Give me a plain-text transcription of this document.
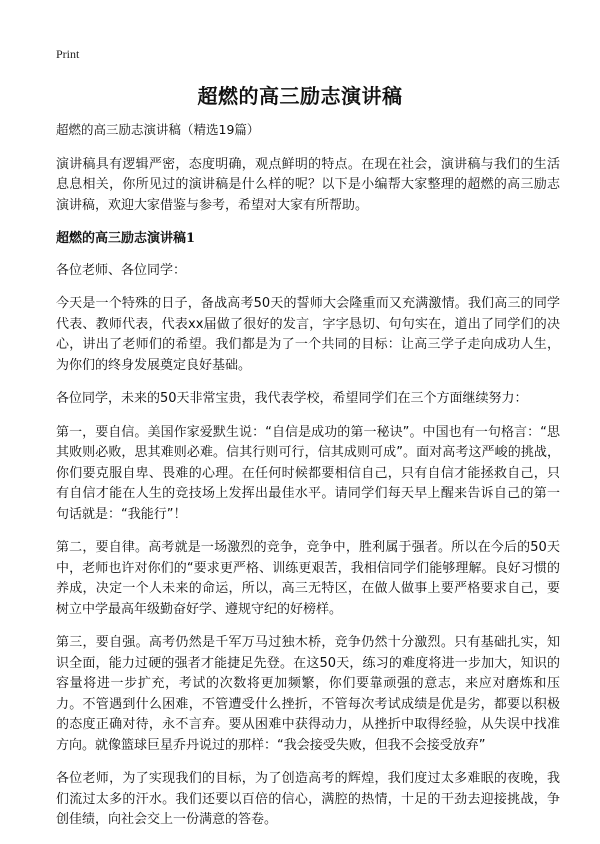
Print
超燃的高三励志演讲稿

超燃的高三励志演讲稿（精选19篇）

演讲稿具有逻辑严密，态度明确，观点鲜明的特点。在现在社会，演讲稿与我们的生活息息相关，你所见过的演讲稿是什么样的呢？以下是小编帮大家整理的超燃的高三励志演讲稿，欢迎大家借鉴与参考，希望对大家有所帮助。

超燃的高三励志演讲稿1

各位老师、各位同学：

今天是一个特殊的日子，备战高考50天的誓师大会隆重而又充满激情。我们高三的同学代表、教师代表，代表xx届做了很好的发言，字字恳切、句句实在，道出了同学们的决心，讲出了老师们的希望。我们都是为了一个共同的目标：让高三学子走向成功人生，为你们的终身发展奠定良好基础。

各位同学，未来的50天非常宝贵，我代表学校，希望同学们在三个方面继续努力：

第一，要自信。美国作家爱默生说：“自信是成功的第一秘诀”。中国也有一句格言：“思其败则必败，思其难则必难。信其行则可行，信其成则可成”。面对高考这严峻的挑战，你们要克服自卑、畏难的心理。在任何时候都要相信自己，只有自信才能拯救自己，只有自信才能在人生的竞技场上发挥出最佳水平。请同学们每天早上醒来告诉自己的第一句话就是：“我能行”！

第二，要自律。高考就是一场激烈的竞争，竞争中，胜利属于强者。所以在今后的50天中，老师也许对你们的“要求更严格、训练更艰苦，我相信同学们能够理解。良好习惯的养成，决定一个人未来的命运，所以，高三无特区，在做人做事上要严格要求自己，要树立中学最高年级勤奋好学、遵规守纪的好榜样。

第三，要自强。高考仍然是千军万马过独木桥，竞争仍然十分激烈。只有基础扎实，知识全面，能力过硬的强者才能捷足先登。在这50天，练习的难度将进一步加大，知识的容量将进一步扩充，考试的次数将更加频繁，你们要靠顽强的意志，来应对磨炼和压力。不管遇到什么困难，不管遭受什么挫折，不管每次考试成绩是优是劣，都要以积极的态度正确对待，永不言弃。要从困难中获得动力，从挫折中取得经验，从失误中找准方向。就像篮球巨星乔丹说过的那样：“我会接受失败，但我不会接受放弃”

各位老师，为了实现我们的目标，为了创造高考的辉煌，我们度过太多难眠的夜晚，我们流过太多的汗水。我们还要以百倍的信心，满腔的热情，十足的干劲去迎接挑战，争创佳绩，向社会交上一份满意的答卷。
